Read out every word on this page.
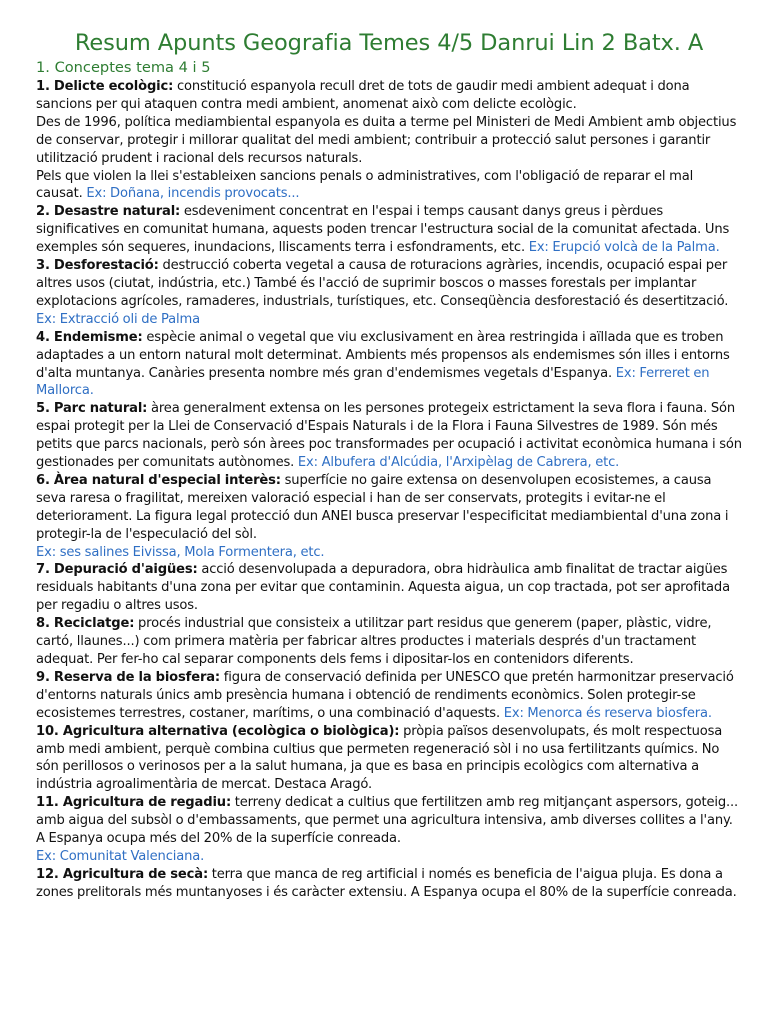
Resum Apunts Geografia Temes 4/5 Danrui Lin 2 Batx. A
1. Conceptes tema 4 i 5

1. Delicte ecològic: constitució espanyola recull dret de tots de gaudir medi ambient adequat i dona sancions per qui ataquen contra medi ambient, anomenat això com delicte ecològic.

Des de 1996, política mediambiental espanyola es duita a terme pel Ministeri de Medi Ambient amb objectius de conservar, protegir i millorar qualitat del medi ambient; contribuir a protecció salut persones i garantir utilització prudent i racional dels recursos naturals.

Pels que violen la llei s'estableixen sancions penals o administratives, com l'obligació de reparar el mal causat. Ex: Doñana, incendis provocats...

2. Desastre natural: esdeveniment concentrat en l'espai i temps causant danys greus i pèrdues significatives en comunitat humana, aquests poden trencar l'estructura social de la comunitat afectada. Uns exemples són sequeres, inundacions, lliscaments terra i esfondraments, etc. Ex: Erupció volcà de la Palma.

3. Desforestació: destrucció coberta vegetal a causa de roturacions agràries, incendis, ocupació espai per altres usos (ciutat, indústria, etc.) També és l'acció de suprimir boscos o masses forestals per implantar explotacions agrícoles, ramaderes, industrials, turístiques, etc. Conseqüència desforestació és desertització.

Ex: Extracció oli de Palma

4. Endemisme: espècie animal o vegetal que viu exclusivament en àrea restringida i aïllada que es troben adaptades a un entorn natural molt determinat. Ambients més propensos als endemismes són illes i entorns d'alta muntanya. Canàries presenta nombre més gran d'endemismes vegetals d'Espanya. Ex: Ferreret en Mallorca.

5. Parc natural: àrea generalment extensa on les persones protegeix estrictament la seva flora i fauna. Són espai protegit per la Llei de Conservació d'Espais Naturals i de la Flora i Fauna Silvestres de 1989. Són més petits que parcs nacionals, però són àrees poc transformades per ocupació i activitat econòmica humana i són gestionades per comunitats autònomes. Ex: Albufera d'Alcúdia, l'Arxipèlag de Cabrera, etc.

6. Àrea natural d'especial interès: superfície no gaire extensa on desenvolupen ecosistemes, a causa seva raresa o fragilitat, mereixen valoració especial i han de ser conservats, protegits i evitar-ne el deteriorament. La figura legal protecció dun ANEI busca preservar l'especificitat mediambiental d'una zona i protegir-la de l'especulació del sòl.

Ex: ses salines Eivissa, Mola Formentera, etc.

7. Depuració d'aigües: acció desenvolupada a depuradora, obra hidràulica amb finalitat de tractar aigües residuals habitants d'una zona per evitar que contaminin. Aquesta aigua, un cop tractada, pot ser aprofitada per regadiu o altres usos.

8. Reciclatge: procés industrial que consisteix a utilitzar part residus que generem (paper, plàstic, vidre, cartó, llaunes...) com primera matèria per fabricar altres productes i materials després d'un tractament adequat. Per fer-ho cal separar components dels fems i dipositar-los en contenidors diferents.

9. Reserva de la biosfera: figura de conservació definida per UNESCO que pretén harmonitzar preservació d'entorns naturals únics amb presència humana i obtenció de rendiments econòmics. Solen protegir-se ecosistemes terrestres, costaner, marítims, o una combinació d'aquests. Ex: Menorca és reserva biosfera.

10. Agricultura alternativa (ecològica o biològica): pròpia països desenvolupats, és molt respectuosa amb medi ambient, perquè combina cultius que permeten regeneració sòl i no usa fertilitzants químics. No són perillosos o verinosos per a la salut humana, ja que es basa en principis ecològics com alternativa a indústria agroalimentària de mercat. Destaca Aragó.

11. Agricultura de regadiu: terreny dedicat a cultius que fertilitzen amb reg mitjançant aspersors, goteig... amb aigua del subsòl o d'embassaments, que permet una agricultura intensiva, amb diverses collites a l'any. A Espanya ocupa més del 20% de la superfície conreada.

Ex: Comunitat Valenciana.

12. Agricultura de secà: terra que manca de reg artificial i només es beneficia de l'aigua pluja. Es dona a zones prelitorals més muntanyoses i és caràcter extensiu. A Espanya ocupa el 80% de la superfície conreada.
